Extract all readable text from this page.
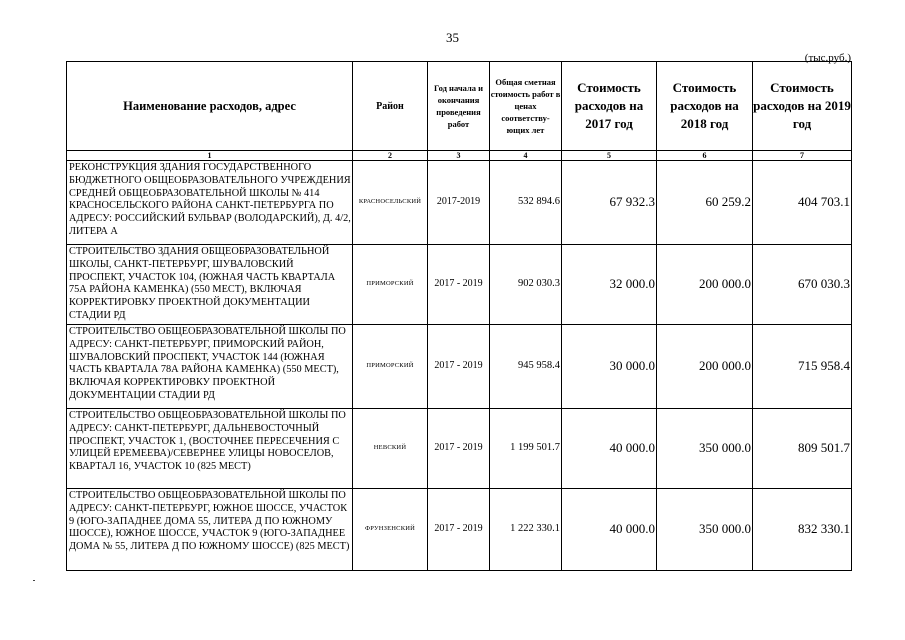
35
(тыс.руб.)
Наименование расходов, адрес	Район	Год начала и окончания проведения работ	Общая сметная стоимость работ в ценах соответству-ющих лет	Стоимость расходов на 2017 год	Стоимость расходов на 2018 год	Стоимость расходов на 2019 год
1	2	3	4	5	6	7
РЕКОНСТРУКЦИЯ ЗДАНИЯ ГОСУДАРСТВЕННОГО БЮДЖЕТНОГО ОБЩЕОБРАЗОВАТЕЛЬНОГО УЧРЕЖДЕНИЯ СРЕДНЕЙ ОБЩЕОБРАЗОВАТЕЛЬНОЙ ШКОЛЫ № 414 КРАСНОСЕЛЬСКОГО РАЙОНА САНКТ-ПЕТЕРБУРГА ПО АДРЕСУ: РОССИЙСКИЙ БУЛЬВАР (ВОЛОДАРСКИЙ), Д. 4/2, ЛИТЕРА А	КРАСНОСЕЛЬСКИЙ	2017-2019	532 894.6	67 932.3	60 259.2	404 703.1
СТРОИТЕЛЬСТВО ЗДАНИЯ ОБЩЕОБРАЗОВАТЕЛЬНОЙ ШКОЛЫ, САНКТ-ПЕТЕРБУРГ, ШУВАЛОВСКИЙ ПРОСПЕКТ, УЧАСТОК 104, (ЮЖНАЯ ЧАСТЬ КВАРТАЛА 75А РАЙОНА КАМЕНКА) (550 МЕСТ), ВКЛЮЧАЯ КОРРЕКТИРОВКУ ПРОЕКТНОЙ ДОКУМЕНТАЦИИ СТАДИИ РД	ПРИМОРСКИЙ	2017 - 2019	902 030.3	32 000.0	200 000.0	670 030.3
СТРОИТЕЛЬСТВО ОБЩЕОБРАЗОВАТЕЛЬНОЙ ШКОЛЫ ПО АДРЕСУ: САНКТ-ПЕТЕРБУРГ, ПРИМОРСКИЙ РАЙОН, ШУВАЛОВСКИЙ ПРОСПЕКТ, УЧАСТОК 144 (ЮЖНАЯ ЧАСТЬ КВАРТАЛА 78А РАЙОНА КАМЕНКА) (550 МЕСТ), ВКЛЮЧАЯ КОРРЕКТИРОВКУ ПРОЕКТНОЙ ДОКУМЕНТАЦИИ СТАДИИ РД	ПРИМОРСКИЙ	2017 - 2019	945 958.4	30 000.0	200 000.0	715 958.4
СТРОИТЕЛЬСТВО ОБЩЕОБРАЗОВАТЕЛЬНОЙ ШКОЛЫ ПО АДРЕСУ: САНКТ-ПЕТЕРБУРГ, ДАЛЬНЕВОСТОЧНЫЙ ПРОСПЕКТ, УЧАСТОК 1, (ВОСТОЧНЕЕ ПЕРЕСЕЧЕНИЯ С УЛИЦЕЙ ЕРЕМЕЕВА)/СЕВЕРНЕЕ УЛИЦЫ НОВОСЕЛОВ, КВАРТАЛ 16, УЧАСТОК 10 (825 МЕСТ)	НЕВСКИЙ	2017 - 2019	1 199 501.7	40 000.0	350 000.0	809 501.7
СТРОИТЕЛЬСТВО ОБЩЕОБРАЗОВАТЕЛЬНОЙ ШКОЛЫ ПО АДРЕСУ: САНКТ-ПЕТЕРБУРГ, ЮЖНОЕ ШОССЕ, УЧАСТОК 9 (ЮГО-ЗАПАДНЕЕ ДОМА 55, ЛИТЕРА Д ПО ЮЖНОМУ ШОССЕ), ЮЖНОЕ ШОССЕ, УЧАСТОК 9 (ЮГО-ЗАПАДНЕЕ ДОМА № 55, ЛИТЕРА Д ПО ЮЖНОМУ ШОССЕ) (825 МЕСТ)	ФРУНЗЕНСКИЙ	2017 - 2019	1 222 330.1	40 000.0	350 000.0	832 330.1
